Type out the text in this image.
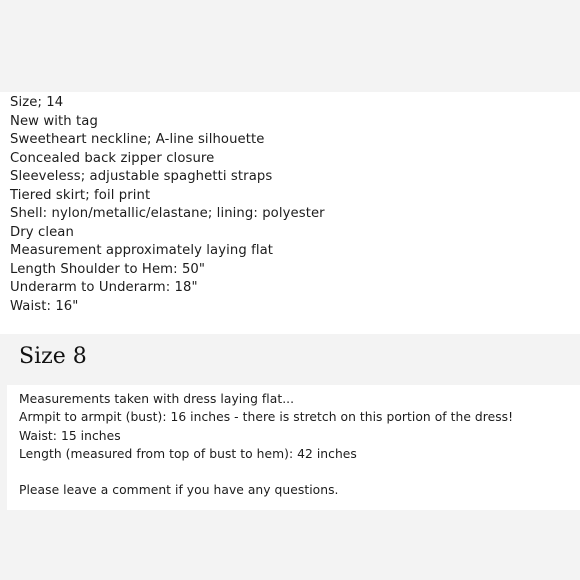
Size; 14
New with tag
Sweetheart neckline; A-line silhouette
Concealed back zipper closure
Sleeveless; adjustable spaghetti straps
Tiered skirt; foil print
Shell: nylon/metallic/elastane; lining: polyester
Dry clean
Measurement approximately laying flat
Length Shoulder to Hem: 50"
Underarm to Underarm: 18"
Waist: 16"
Size 8
Measurements taken with dress laying flat...
Armpit to armpit (bust): 16 inches - there is stretch on this portion of the dress!
Waist: 15 inches
Length (measured from top of bust to hem): 42 inches
Please leave a comment if you have any questions.
